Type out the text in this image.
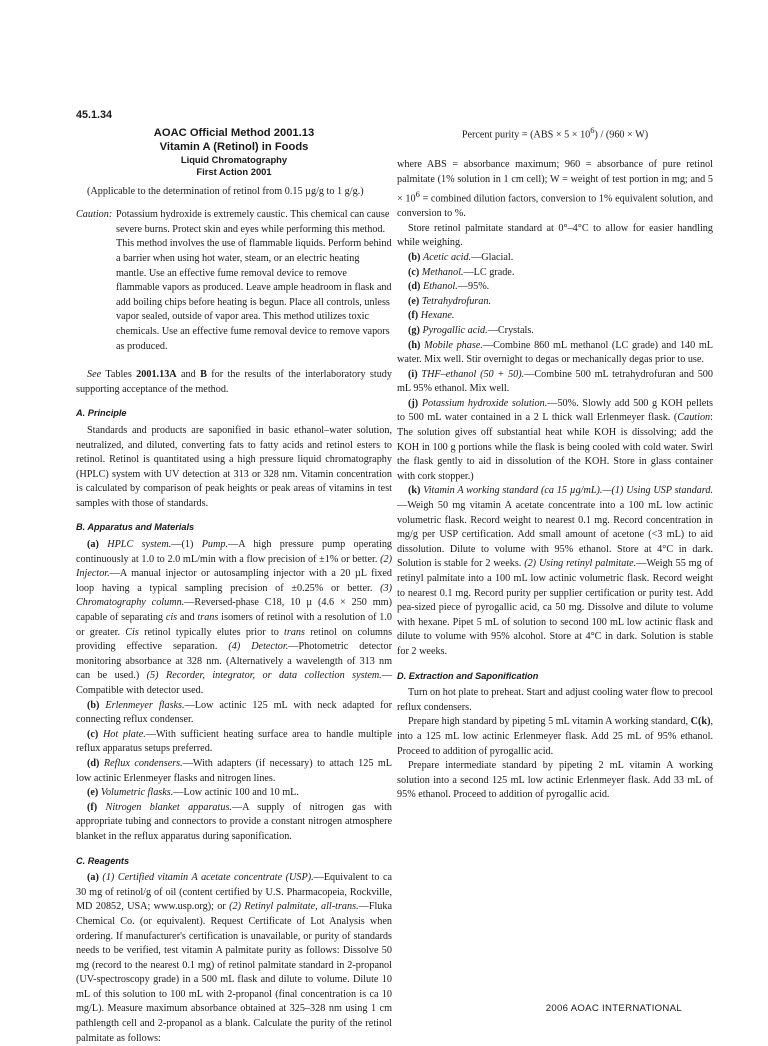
45.1.34
AOAC Official Method 2001.13
Vitamin A (Retinol) in Foods
Liquid Chromatography
First Action 2001

(Applicable to the determination of retinol from 0.15 µg/g to 1 g/g.)

Caution: Potassium hydroxide is extremely caustic. This chemical can cause severe burns. Protect skin and eyes while performing this method. This method involves the use of flammable liquids. Perform behind a barrier when using hot water, steam, or an electric heating mantle. Use an effective fume removal device to remove flammable vapors as produced. Leave ample headroom in flask and add boiling chips before heating is begun. Place all controls, unless vapor sealed, outside of vapor area. This method utilizes toxic chemicals. Use an effective fume removal device to remove vapors as produced.

See Tables 2001.13A and B for the results of the interlaboratory study supporting acceptance of the method.

A. Principle

Standards and products are saponified in basic ethanol–water solution, neutralized, and diluted, converting fats to fatty acids and retinol esters to retinol. Retinol is quantitated using a high pressure liquid chromatography (HPLC) system with UV detection at 313 or 328 nm. Vitamin concentration is calculated by comparison of peak heights or peak areas of vitamins in test samples with those of standards.

B. Apparatus and Materials

(a) HPLC system.—(1) Pump.—A high pressure pump operating continuously at 1.0 to 2.0 mL/min with a flow precision of ±1% or better. (2) Injector.—A manual injector or autosampling injector with a 20 µL fixed loop having a typical sampling precision of ±0.25% or better. (3) Chromatography column.—Reversed-phase C18, 10 µ (4.6 × 250 mm) capable of separating cis and trans isomers of retinol with a resolution of 1.0 or greater. Cis retinol typically elutes prior to trans retinol on columns providing effective separation. (4) Detector.—Photometric detector monitoring absorbance at 328 nm. (Alternatively a wavelength of 313 nm can be used.) (5) Recorder, integrator, or data collection system.—Compatible with detector used.

(b) Erlenmeyer flasks.—Low actinic 125 mL with neck adapted for connecting reflux condenser.

(c) Hot plate.—With sufficient heating surface area to handle multiple reflux apparatus setups preferred.

(d) Reflux condensers.—With adapters (if necessary) to attach 125 mL low actinic Erlenmeyer flasks and nitrogen lines.

(e) Volumetric flasks.—Low actinic 100 and 10 mL.

(f) Nitrogen blanket apparatus.—A supply of nitrogen gas with appropriate tubing and connectors to provide a constant nitrogen atmosphere blanket in the reflux apparatus during saponification.

C. Reagents

(a) (1) Certified vitamin A acetate concentrate (USP).—Equivalent to ca 30 mg of retinol/g of oil (content certified by U.S. Pharmacopeia, Rockville, MD 20852, USA; www.usp.org); or (2) Retinyl palmitate, all-trans.—Fluka Chemical Co. (or equivalent). Request Certificate of Lot Analysis when ordering. If manufacturer's certification is unavailable, or purity of standards needs to be verified, test vitamin A palmitate purity as follows: Dissolve 50 mg (record to the nearest 0.1 mg) of retinol palmitate standard in 2-propanol (UV-spectroscopy grade) in a 500 mL flask and dilute to volume. Dilute 10 mL of this solution to 100 mL with 2-propanol (final concentration is ca 10 mg/L). Measure maximum absorbance obtained at 325–328 nm using 1 cm pathlength cell and 2-propanol as a blank. Calculate the purity of the retinol palmitate as follows:

Percent purity = $(ABS \times 5 \times 10^6) / (960 \times W)$

where ABS = absorbance maximum; 960 = absorbance of pure retinol palmitate (1% solution in 1 cm cell); W = weight of test portion in mg; and $5 \times 10^6$ = combined dilution factors, conversion to 1% equivalent solution, and conversion to %.

Store retinol palmitate standard at 0°–4°C to allow for easier handling while weighing.

(b) Acetic acid.—Glacial.

(c) Methanol.—LC grade.

(d) Ethanol.—95%.

(e) Tetrahydrofuran.

(f) Hexane.

(g) Pyrogallic acid.—Crystals.

(h) Mobile phase.—Combine 860 mL methanol (LC grade) and 140 mL water. Mix well. Stir overnight to degas or mechanically degas prior to use.

(i) THF–ethanol (50 + 50).—Combine 500 mL tetrahydrofuran and 500 mL 95% ethanol. Mix well.

(j) Potassium hydroxide solution.—50%. Slowly add 500 g KOH pellets to 500 mL water contained in a 2 L thick wall Erlenmeyer flask. (Caution: The solution gives off substantial heat while KOH is dissolving; add the KOH in 100 g portions while the flask is being cooled with cold water. Swirl the flask gently to aid in dissolution of the KOH. Store in glass container with cork stopper.)

(k) Vitamin A working standard (ca 15 µg/mL).—(1) Using USP standard.—Weigh 50 mg vitamin A acetate concentrate into a 100 mL low actinic volumetric flask. Record weight to nearest 0.1 mg. Record concentration in mg/g per USP certification. Add small amount of acetone (<3 mL) to aid dissolution. Dilute to volume with 95% ethanol. Store at 4°C in dark. Solution is stable for 2 weeks. (2) Using retinyl palmitate.—Weigh 55 mg of retinyl palmitate into a 100 mL low actinic volumetric flask. Record weight to nearest 0.1 mg. Record purity per supplier certification or purity test. Add pea-sized piece of pyrogallic acid, ca 50 mg. Dissolve and dilute to volume with hexane. Pipet 5 mL of solution to second 100 mL low actinic flask and dilute to volume with 95% alcohol. Store at 4°C in dark. Solution is stable for 2 weeks.

D. Extraction and Saponification

Turn on hot plate to preheat. Start and adjust cooling water flow to precool reflux condensers.

Prepare high standard by pipeting 5 mL vitamin A working standard, C(k), into a 125 mL low actinic Erlenmeyer flask. Add 25 mL of 95% ethanol. Proceed to addition of pyrogallic acid.

Prepare intermediate standard by pipeting 2 mL vitamin A working solution into a second 125 mL low actinic Erlenmeyer flask. Add 33 mL of 95% ethanol. Proceed to addition of pyrogallic acid.

2006 AOAC INTERNATIONAL
